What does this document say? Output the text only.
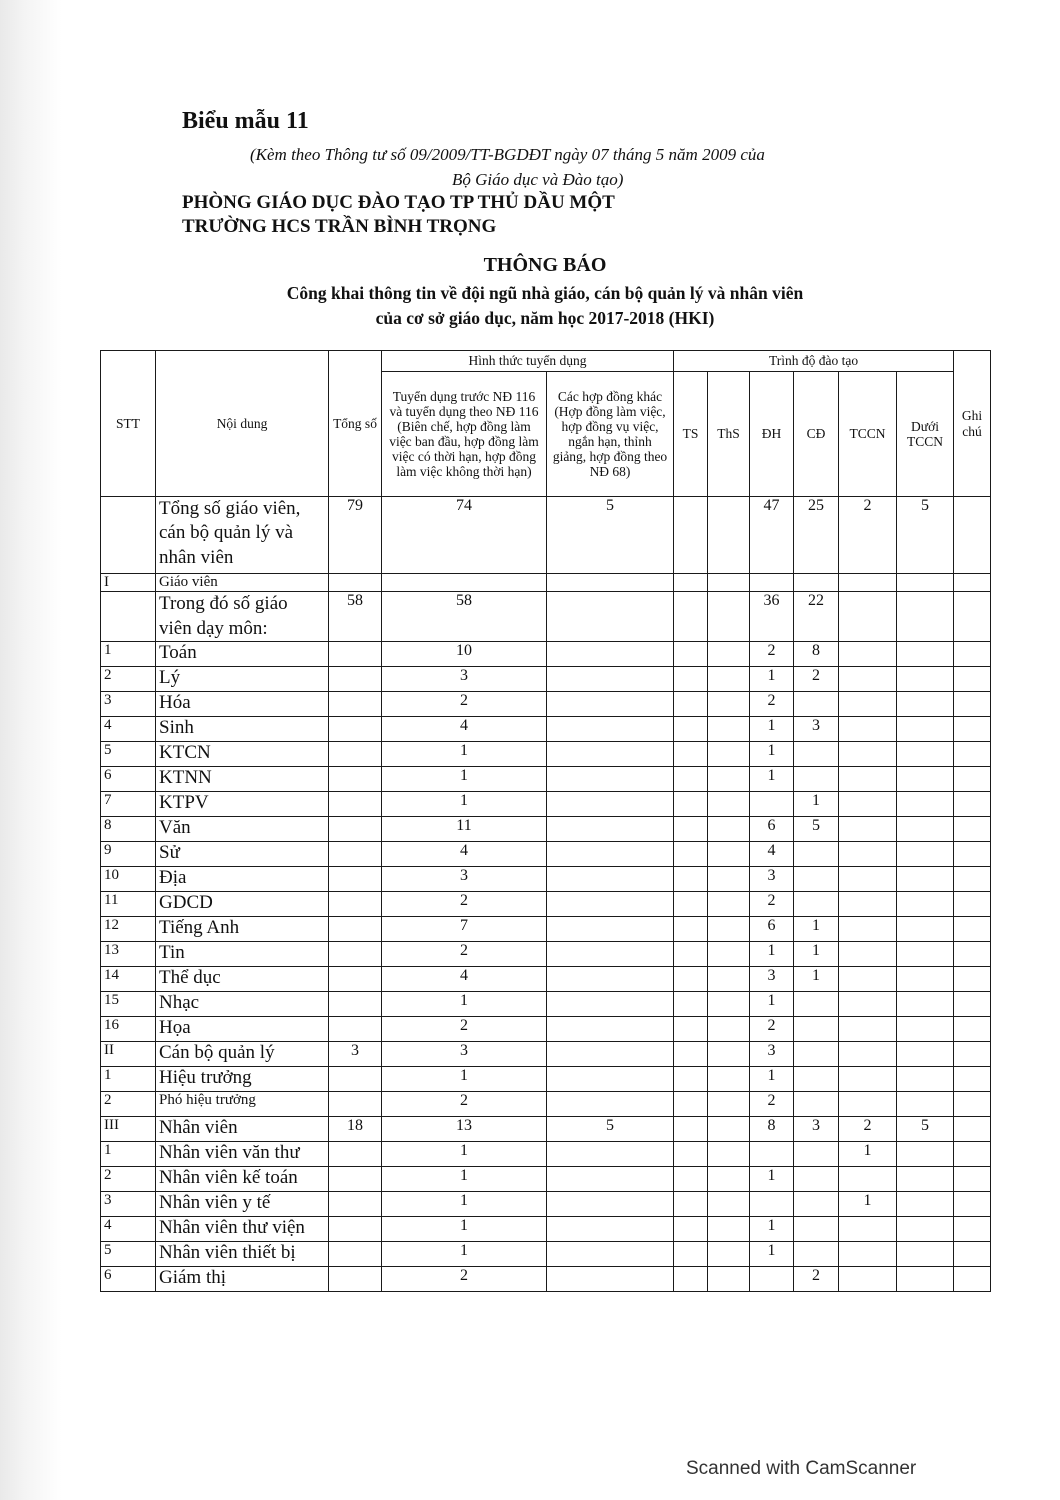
Biểu mẫu 11
(Kèm theo Thông tư số 09/2009/TT-BGDĐT ngày 07 tháng 5 năm 2009 của
Bộ Giáo dục và Đào tạo)
PHÒNG GIÁO DỤC ĐÀO TẠO TP THỦ DẦU MỘT
TRƯỜNG HCS TRẦN BÌNH TRỌNG
THÔNG BÁO
Công khai thông tin về đội ngũ nhà giáo, cán bộ quản lý và nhân viên
của cơ sở giáo dục, năm học 2017-2018 (HKI)
STT	Nội dung	Tổng số	Hình thức tuyển dụng		Trình độ đào tạo						Ghi chú
			Tuyển dụng trước NĐ 116 và tuyển dụng theo NĐ 116 (Biên chế, hợp đồng làm việc ban đầu, hợp đồng làm việc có thời hạn, hợp đồng làm việc không thời hạn)	Các hợp đồng khác (Hợp đồng làm việc, hợp đồng vụ việc, ngắn hạn, thỉnh giảng, hợp đồng theo NĐ 68)	TS	ThS	ĐH	CĐ	TCCN	Dưới TCCN	
	Tổng số giáo viên, cán bộ quản lý và nhân viên	79	74	5			47	25	2	5	
I	Giáo viên										
	Trong đó số giáo viên dạy môn:	58	58				36	22			
1	Toán		10				2	8			
2	Lý		3				1	2			
3	Hóa		2				2				
4	Sinh		4				1	3			
5	KTCN		1				1				
6	KTNN		1				1				
7	KTPV		1					1			
8	Văn		11				6	5			
9	Sử		4				4				
10	Địa		3				3				
11	GDCD		2				2				
12	Tiếng Anh		7				6	1			
13	Tin		2				1	1			
14	Thể dục		4				3	1			
15	Nhạc		1				1				
16	Họa		2				2				
II	Cán bộ quản lý	3	3				3				
1	Hiệu trưởng		1				1				
2	Phó hiệu trưởng		2				2				
III	Nhân viên	18	13	5			8	3	2	5	
1	Nhân viên văn thư		1						1		
2	Nhân viên kế toán		1				1				
3	Nhân viên y tế		1						1		
4	Nhân viên thư viện		1				1				
5	Nhân viên thiết bị		1				1				
6	Giám thị		2					2			
Scanned with CamScanner
